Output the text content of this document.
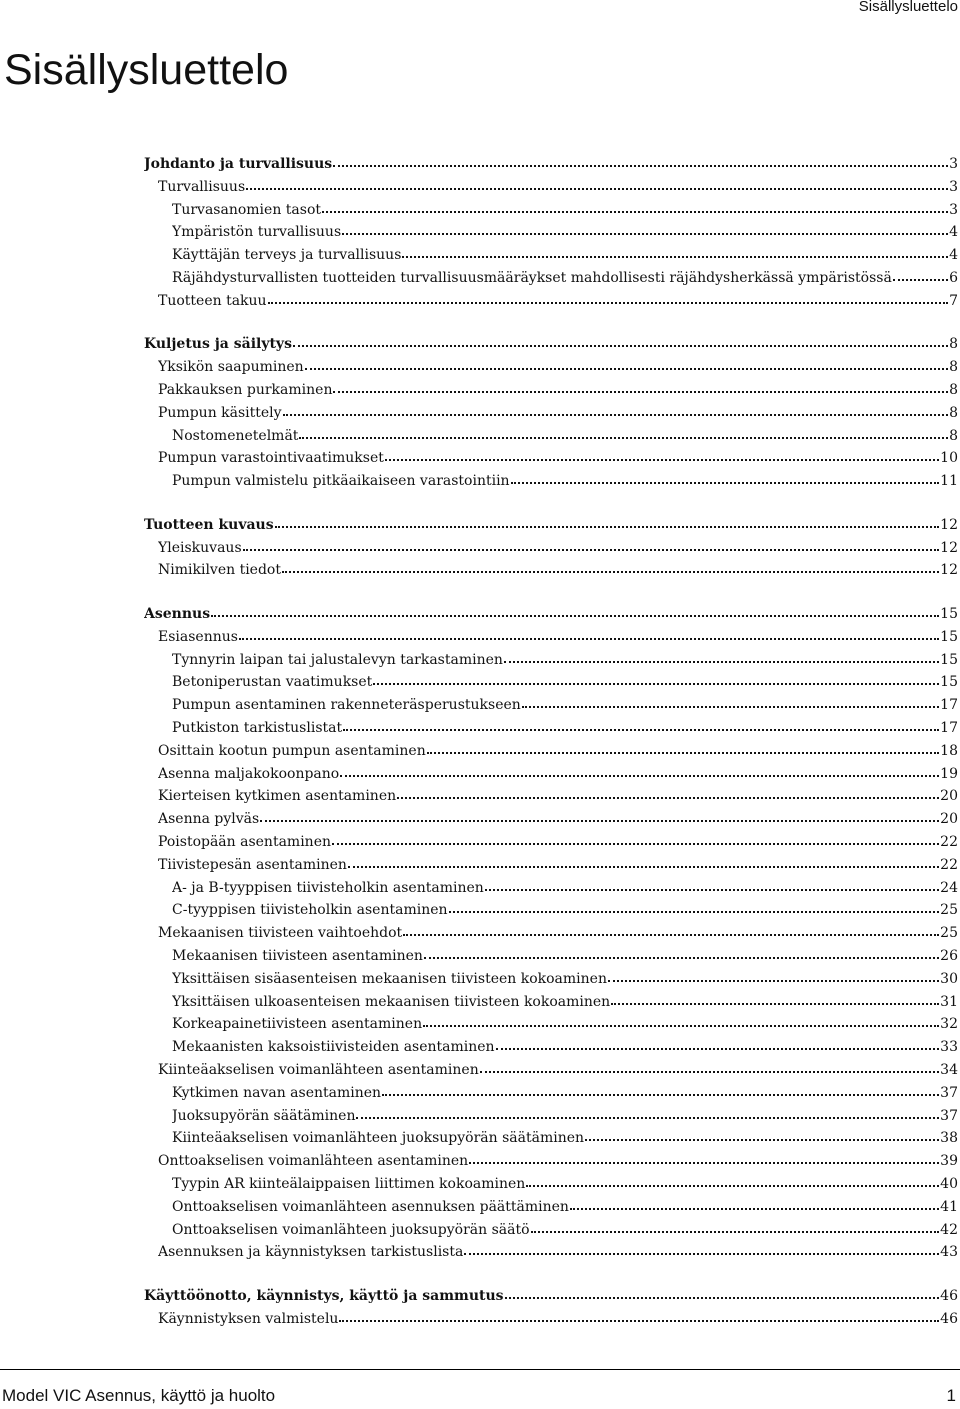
Sisällysluettelo
Sisällysluettelo
Johdanto ja turvallisuus	3
Turvallisuus	3
Turvasanomien tasot	3
Ympäristön turvallisuus	4
Käyttäjän terveys ja turvallisuus	4
Räjähdysturvallisten tuotteiden turvallisuusmääräykset mahdollisesti räjähdysherkässä ympäristössä	6
Tuotteen takuu	7
Kuljetus ja säilytys	8
Yksikön saapuminen	8
Pakkauksen purkaminen	8
Pumpun käsittely	8
Nostomenetelmät	8
Pumpun varastointivaatimukset	10
Pumpun valmistelu pitkäaikaiseen varastointiin	11
Tuotteen kuvaus	12
Yleiskuvaus	12
Nimikilven tiedot	12
Asennus	15
Esiasennus	15
Tynnyrin laipan tai jalustalevyn tarkastaminen	15
Betoniperustan vaatimukset	15
Pumpun asentaminen rakenneteräsperustukseen	17
Putkiston tarkistuslistat	17
Osittain kootun pumpun asentaminen	18
Asenna maljakokoonpano	19
Kierteisen kytkimen asentaminen	20
Asenna pylväs	20
Poistopään asentaminen	22
Tiivistepesän asentaminen	22
A- ja B-tyyppisen tiivisteholkin asentaminen	24
C-tyyppisen tiivisteholkin asentaminen	25
Mekaanisen tiivisteen vaihtoehdot	25
Mekaanisen tiivisteen asentaminen	26
Yksittäisen sisäasenteisen mekaanisen tiivisteen kokoaminen	30
Yksittäisen ulkoasenteisen mekaanisen tiivisteen kokoaminen	31
Korkeapainetiivisteen asentaminen	32
Mekaanisten kaksoistiivisteiden asentaminen	33
Kiinteäakselisen voimanlähteen asentaminen	34
Kytkimen navan asentaminen	37
Juoksupyörän säätäminen	37
Kiinteäakselisen voimanlähteen juoksupyörän säätäminen	38
Onttoakselisen voimanlähteen asentaminen	39
Tyypin AR kiinteälaippaisen liittimen kokoaminen	40
Onttoakselisen voimanlähteen asennuksen päättäminen	41
Onttoakselisen voimanlähteen juoksupyörän säätö	42
Asennuksen ja käynnistyksen tarkistuslista	43
Käyttöönotto, käynnistys, käyttö ja sammutus	46
Käynnistyksen valmistelu	46
Model VIC Asennus, käyttö ja huolto	1
